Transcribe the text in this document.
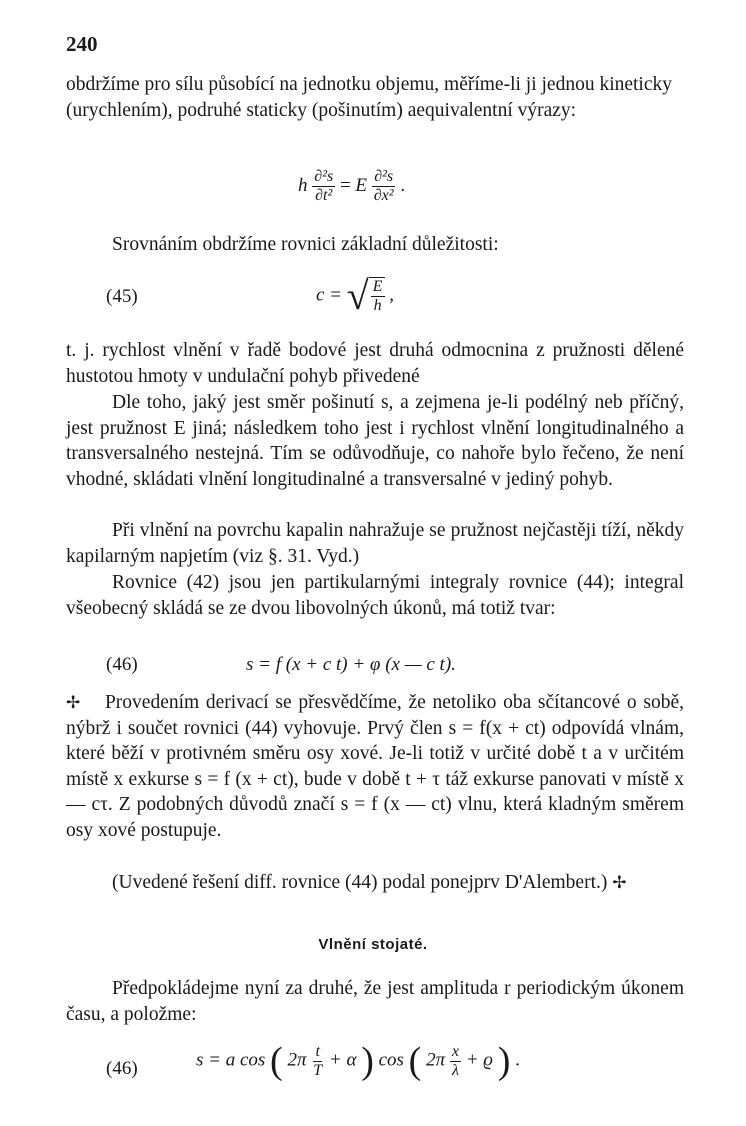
240
obdržíme pro sílu působící na jednotku objemu, měříme-li ji jednou kineticky (urychlením), podruhé staticky (pošinutím) aequivalentní výrazy:
h $\frac{\text{∂²s}}{\text{∂t²}} = E \frac{\text{∂²s}}{\text{∂x²}}$ .
Srovnáním obdržíme rovnici základní důležitosti:
(45)	c = √ $\frac{E}{h}$ ,
t. j. rychlost vlnění v řadě bodové jest druhá odmocnina z pružnosti dělené hustotou hmoty v undulační pohyb přivedené
Dle toho, jaký jest směr pošinutí s, a zejmena je-li podélný neb příčný, jest pružnost E jiná; následkem toho jest i rychlost vlnění longitudinalného a transversalného nestejná. Tím se odůvodňuje, co nahoře bylo řečeno, že není vhodné, skládati vlnění longitudinalné a transversalné v jediný pohyb.
Při vlnění na povrchu kapalin nahražuje se pružnost nejčastěji tíží, někdy kapilarným napjetím (viz §. 31. Vyd.)
Rovnice (42) jsou jen partikularnými integraly rovnice (44); integral všeobecný skládá se ze dvou libovolných úkonů, má totiž tvar:
(46)	s = f (x + c t) + φ (x — c t).
✢ Provedením derivací se přesvědčíme, že netoliko oba sčítancové o sobě, nýbrž i součet rovnici (44) vyhovuje. Prvý člen s = f(x + ct) odpovídá vlnám, které běží v protivném směru osy xové. Je-li totiž v určité době t a v určitém místě x exkurse s = f (x + ct), bude v době t + τ táž exkurse panovati v místě x — cτ. Z podobných důvodů značí s = f (x — ct) vlnu, která kladným směrem osy xové postupuje.
(Uvedené řešení diff. rovnice (44) podal ponejprv D'Alembert.) ✢
Vlnění stojaté.
Předpokládejme nyní za druhé, že jest amplituda r periodickým úkonem času, a položme:
(46)	s = a cos ( $2\pi \frac{t}{T} + \alpha$ ) cos ( $2\pi \frac{x}{\lambda} + ϱ$ ) .
